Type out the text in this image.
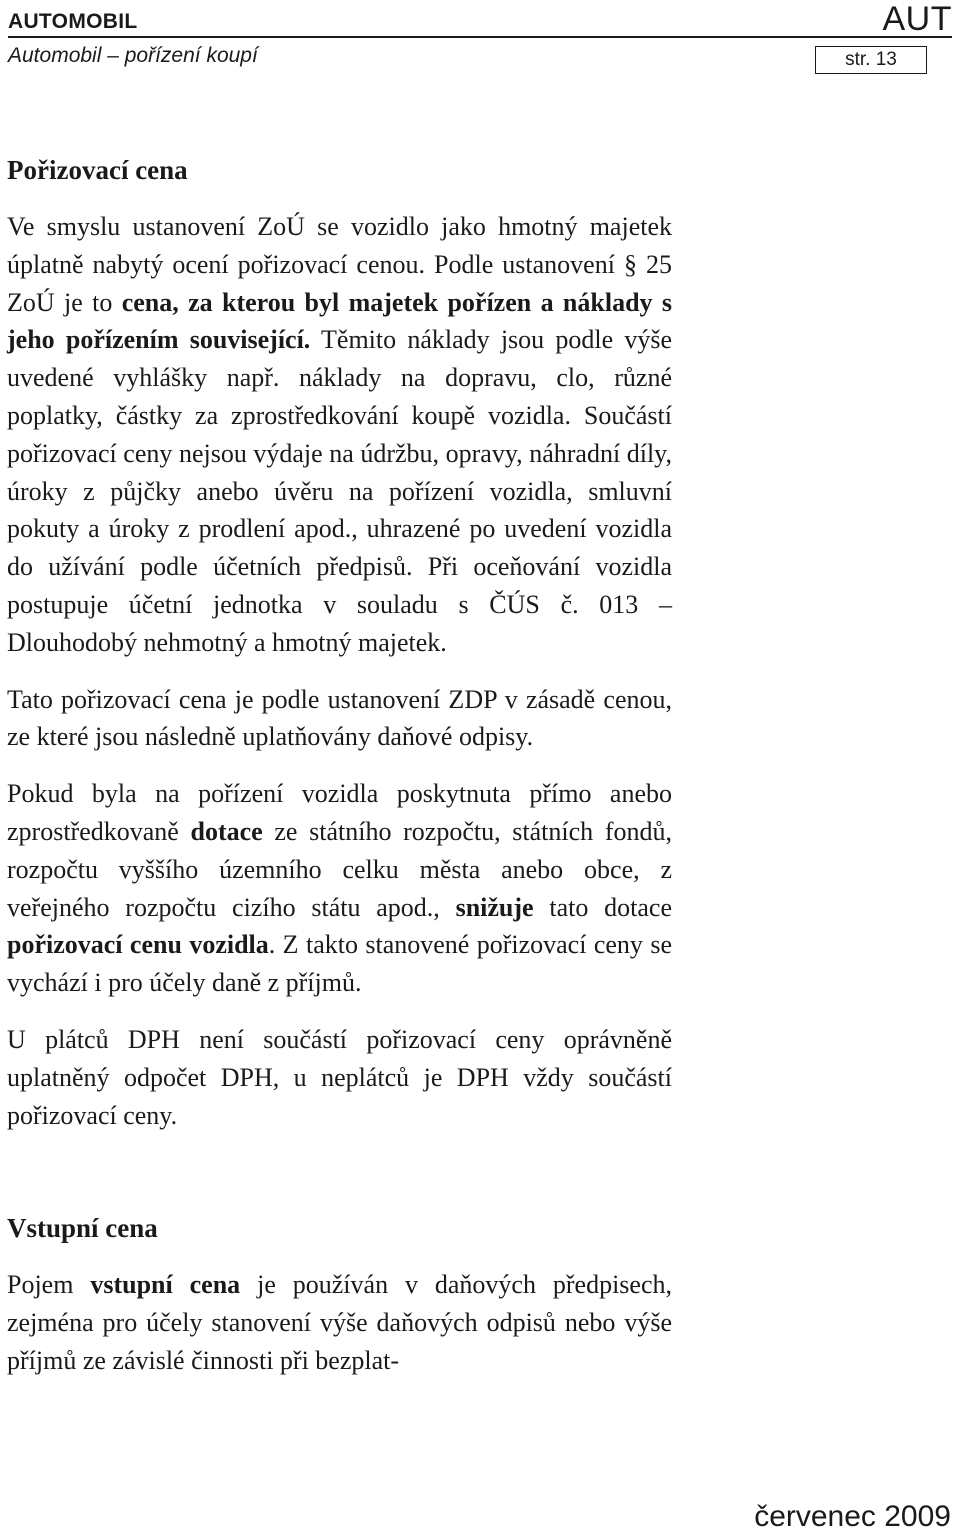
AUTOMOBIL	AUT
Automobil – pořízení koupí	str. 13
Pořizovací cena

Ve smyslu ustanovení ZoÚ se vozidlo jako hmotný majetek úplatně nabytý ocení pořizovací cenou. Podle ustanovení § 25 ZoÚ je to cena, za kterou byl majetek pořízen a náklady s jeho pořízením související. Těmito náklady jsou podle výše uvedené vyhlášky např. náklady na dopravu, clo, různé poplatky, částky za zprostředkování koupě vozidla. Součástí pořizovací ceny nejsou výdaje na údržbu, opravy, náhradní díly, úroky z půjčky anebo úvěru na pořízení vozidla, smluvní pokuty a úroky z prodlení apod., uhrazené po uvedení vozidla do užívání podle účetních předpisů. Při oceňování vozidla postupuje účetní jednotka v souladu s ČÚS č. 013 – Dlouhodobý nehmotný a hmotný majetek.

Tato pořizovací cena je podle ustanovení ZDP v zásadě cenou, ze které jsou následně uplatňovány daňové odpisy.

Pokud byla na pořízení vozidla poskytnuta přímo anebo zprostředkovaně dotace ze státního rozpočtu, státních fondů, rozpočtu vyššího územního celku města anebo obce, z veřejného rozpočtu cizího státu apod., snižuje tato dotace pořizovací cenu vozidla. Z takto stanovené pořizovací ceny se vychází i pro účely daně z příjmů.

U plátců DPH není součástí pořizovací ceny oprávněně uplatněný odpočet DPH, u neplátců je DPH vždy součástí pořizovací ceny.

Vstupní cena

Pojem vstupní cena je používán v daňových předpisech, zejména pro účely stanovení výše daňových odpisů nebo výše příjmů ze závislé činnosti při bezplat-

červenec 2009
